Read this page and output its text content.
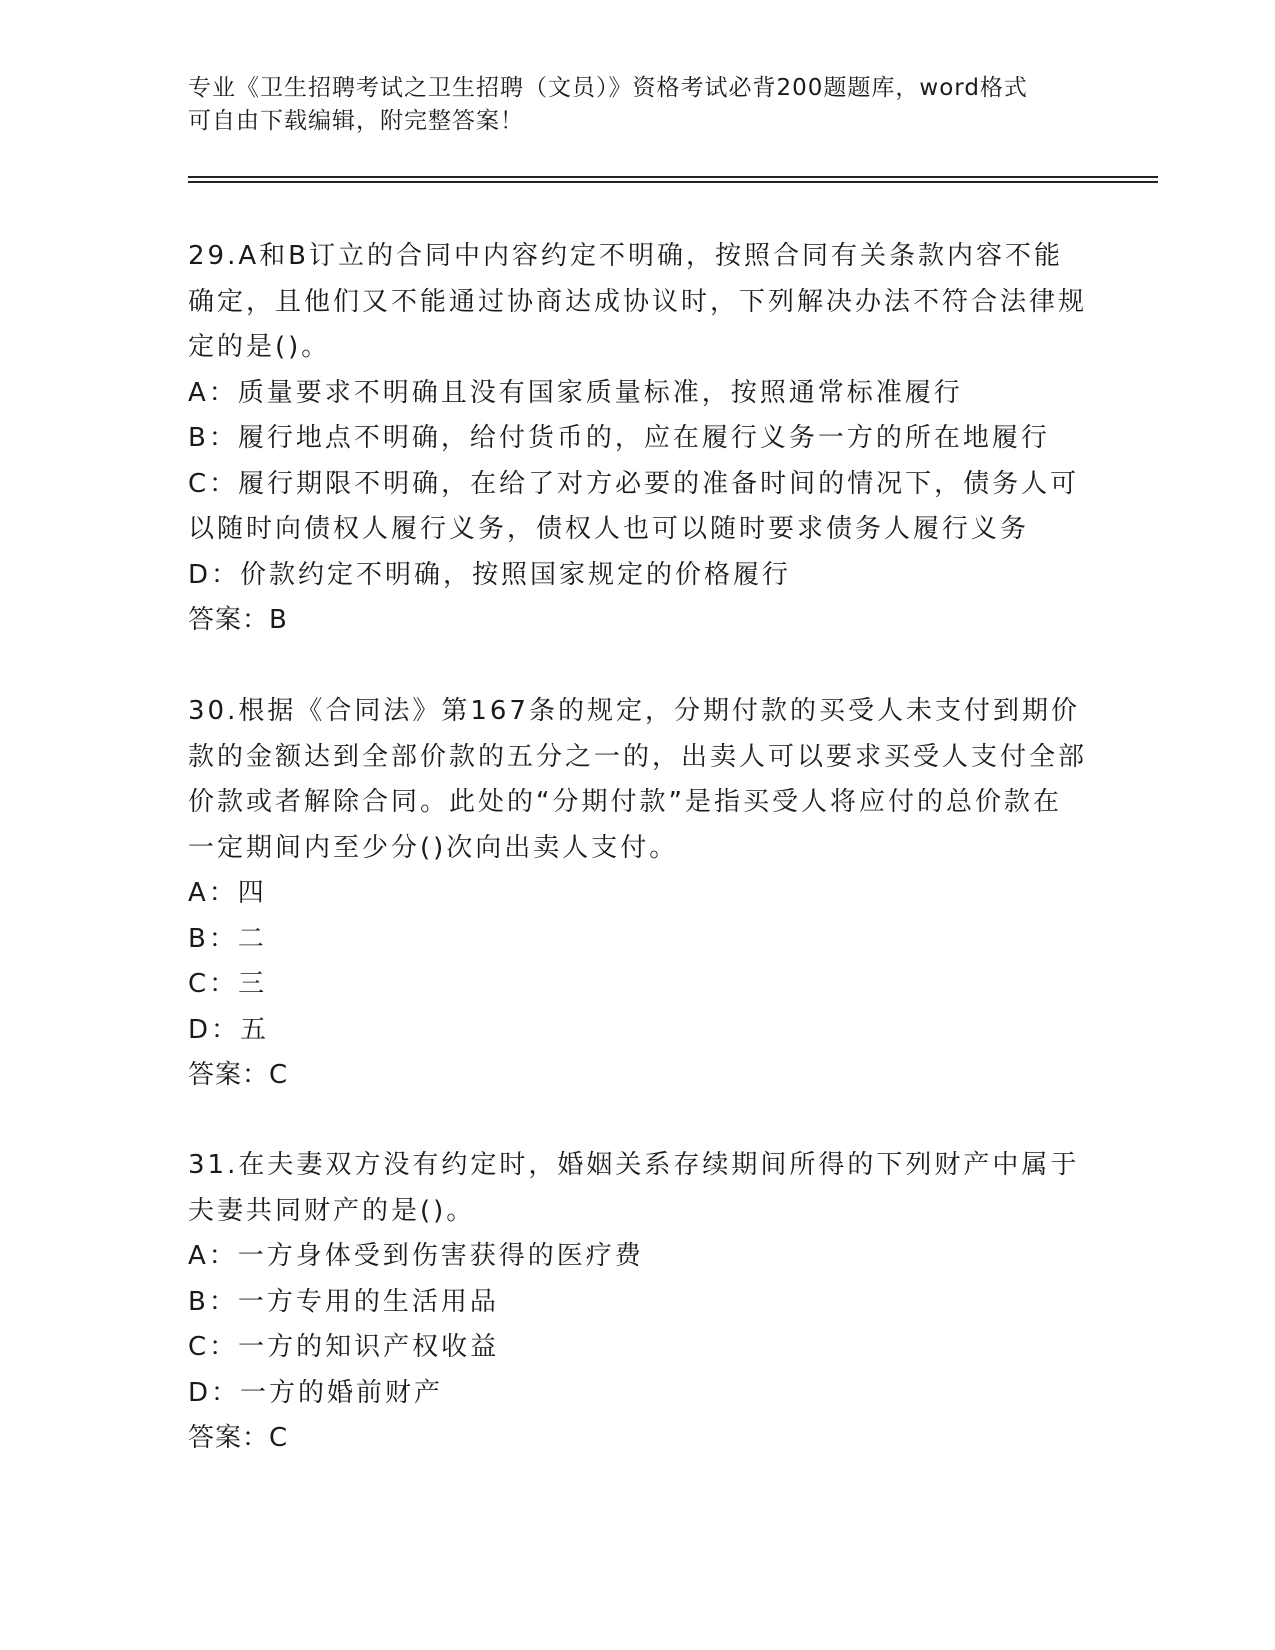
专业《卫生招聘考试之卫生招聘（文员）》资格考试必背200题题库，word格式
可自由下载编辑，附完整答案！
29.A和B订立的合同中内容约定不明确，按照合同有关条款内容不能确定，且他们又不能通过协商达成协议时，下列解决办法不符合法律规定的是()。
A：质量要求不明确且没有国家质量标准，按照通常标准履行
B：履行地点不明确，给付货币的，应在履行义务一方的所在地履行
C：履行期限不明确，在给了对方必要的准备时间的情况下，债务人可以随时向债权人履行义务，债权人也可以随时要求债务人履行义务
D：价款约定不明确，按照国家规定的价格履行
答案：B
30.根据《合同法》第167条的规定，分期付款的买受人未支付到期价款的金额达到全部价款的五分之一的，出卖人可以要求买受人支付全部价款或者解除合同。此处的“分期付款”是指买受人将应付的总价款在一定期间内至少分()次向出卖人支付。
A：四
B：二
C：三
D：五
答案：C
31.在夫妻双方没有约定时，婚姻关系存续期间所得的下列财产中属于夫妻共同财产的是()。
A：一方身体受到伤害获得的医疗费
B：一方专用的生活用品
C：一方的知识产权收益
D：一方的婚前财产
答案：C
